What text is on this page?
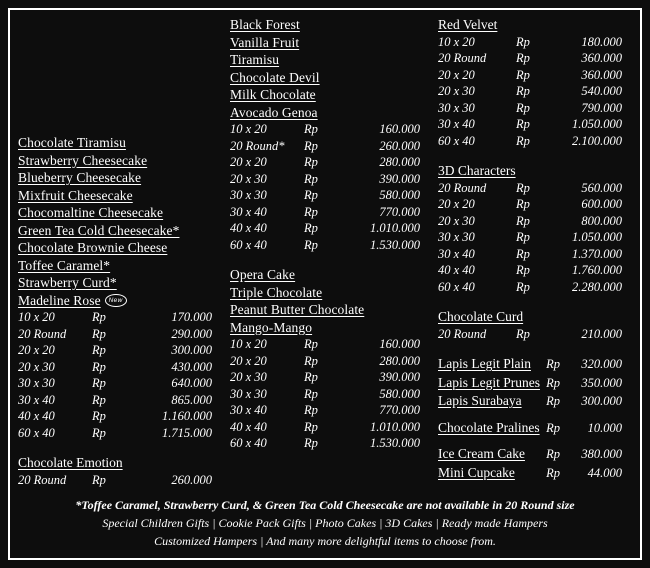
Chocolate Tiramisu
Strawberry Cheesecake
Blueberry Cheesecake
Mixfruit Cheesecake
Chocomaltine Cheesecake
Green Tea Cold Cheesecake*
Chocolate Brownie Cheese
Toffee Caramel*
Strawberry Curd*
Madeline Rose New
10 x 20	Rp	170.000
20 Round	Rp	290.000
20 x 20	Rp	300.000
20 x 30	Rp	430.000
30 x 30	Rp	640.000
30 x 40	Rp	865.000
40 x 40	Rp	1.160.000
60 x 40	Rp	1.715.000
Chocolate Emotion
20 Round	Rp	260.000
Black Forest
Vanilla Fruit
Tiramisu
Chocolate Devil
Milk Chocolate
Avocado Genoa
10 x 20	Rp	160.000
20 Round*	Rp	260.000
20 x 20	Rp	280.000
20 x 30	Rp	390.000
30 x 30	Rp	580.000
30 x 40	Rp	770.000
40 x 40	Rp	1.010.000
60 x 40	Rp	1.530.000
Opera Cake
Triple Chocolate
Peanut Butter Chocolate
Mango-Mango
10 x 20	Rp	160.000
20 x 20	Rp	280.000
20 x 30	Rp	390.000
30 x 30	Rp	580.000
30 x 40	Rp	770.000
40 x 40	Rp	1.010.000
60 x 40	Rp	1.530.000
Red Velvet
10 x 20	Rp	180.000
20 Round	Rp	360.000
20 x 20	Rp	360.000
20 x 30	Rp	540.000
30 x 30	Rp	790.000
30 x 40	Rp	1.050.000
60 x 40	Rp	2.100.000
3D Characters
20 Round	Rp	560.000
20 x 20	Rp	600.000
20 x 30	Rp	800.000
30 x 30	Rp	1.050.000
30 x 40	Rp	1.370.000
40 x 40	Rp	1.760.000
60 x 40	Rp	2.280.000
Chocolate Curd
20 Round	Rp	210.000
Lapis Legit Plain	Rp	320.000
Lapis Legit Prunes Rp	350.000
Lapis Surabaya	Rp	300.000
Chocolate Pralines Rp	10.000
Ice Cream Cake	Rp	380.000
Mini Cupcake	Rp	44.000
*Toffee Caramel, Strawberry Curd, & Green Tea Cold Cheesecake are not available in 20 Round size
Special Children Gifts | Cookie Pack Gifts | Photo Cakes | 3D Cakes | Ready made Hampers
Customized Hampers | And many more delightful items to choose from.
